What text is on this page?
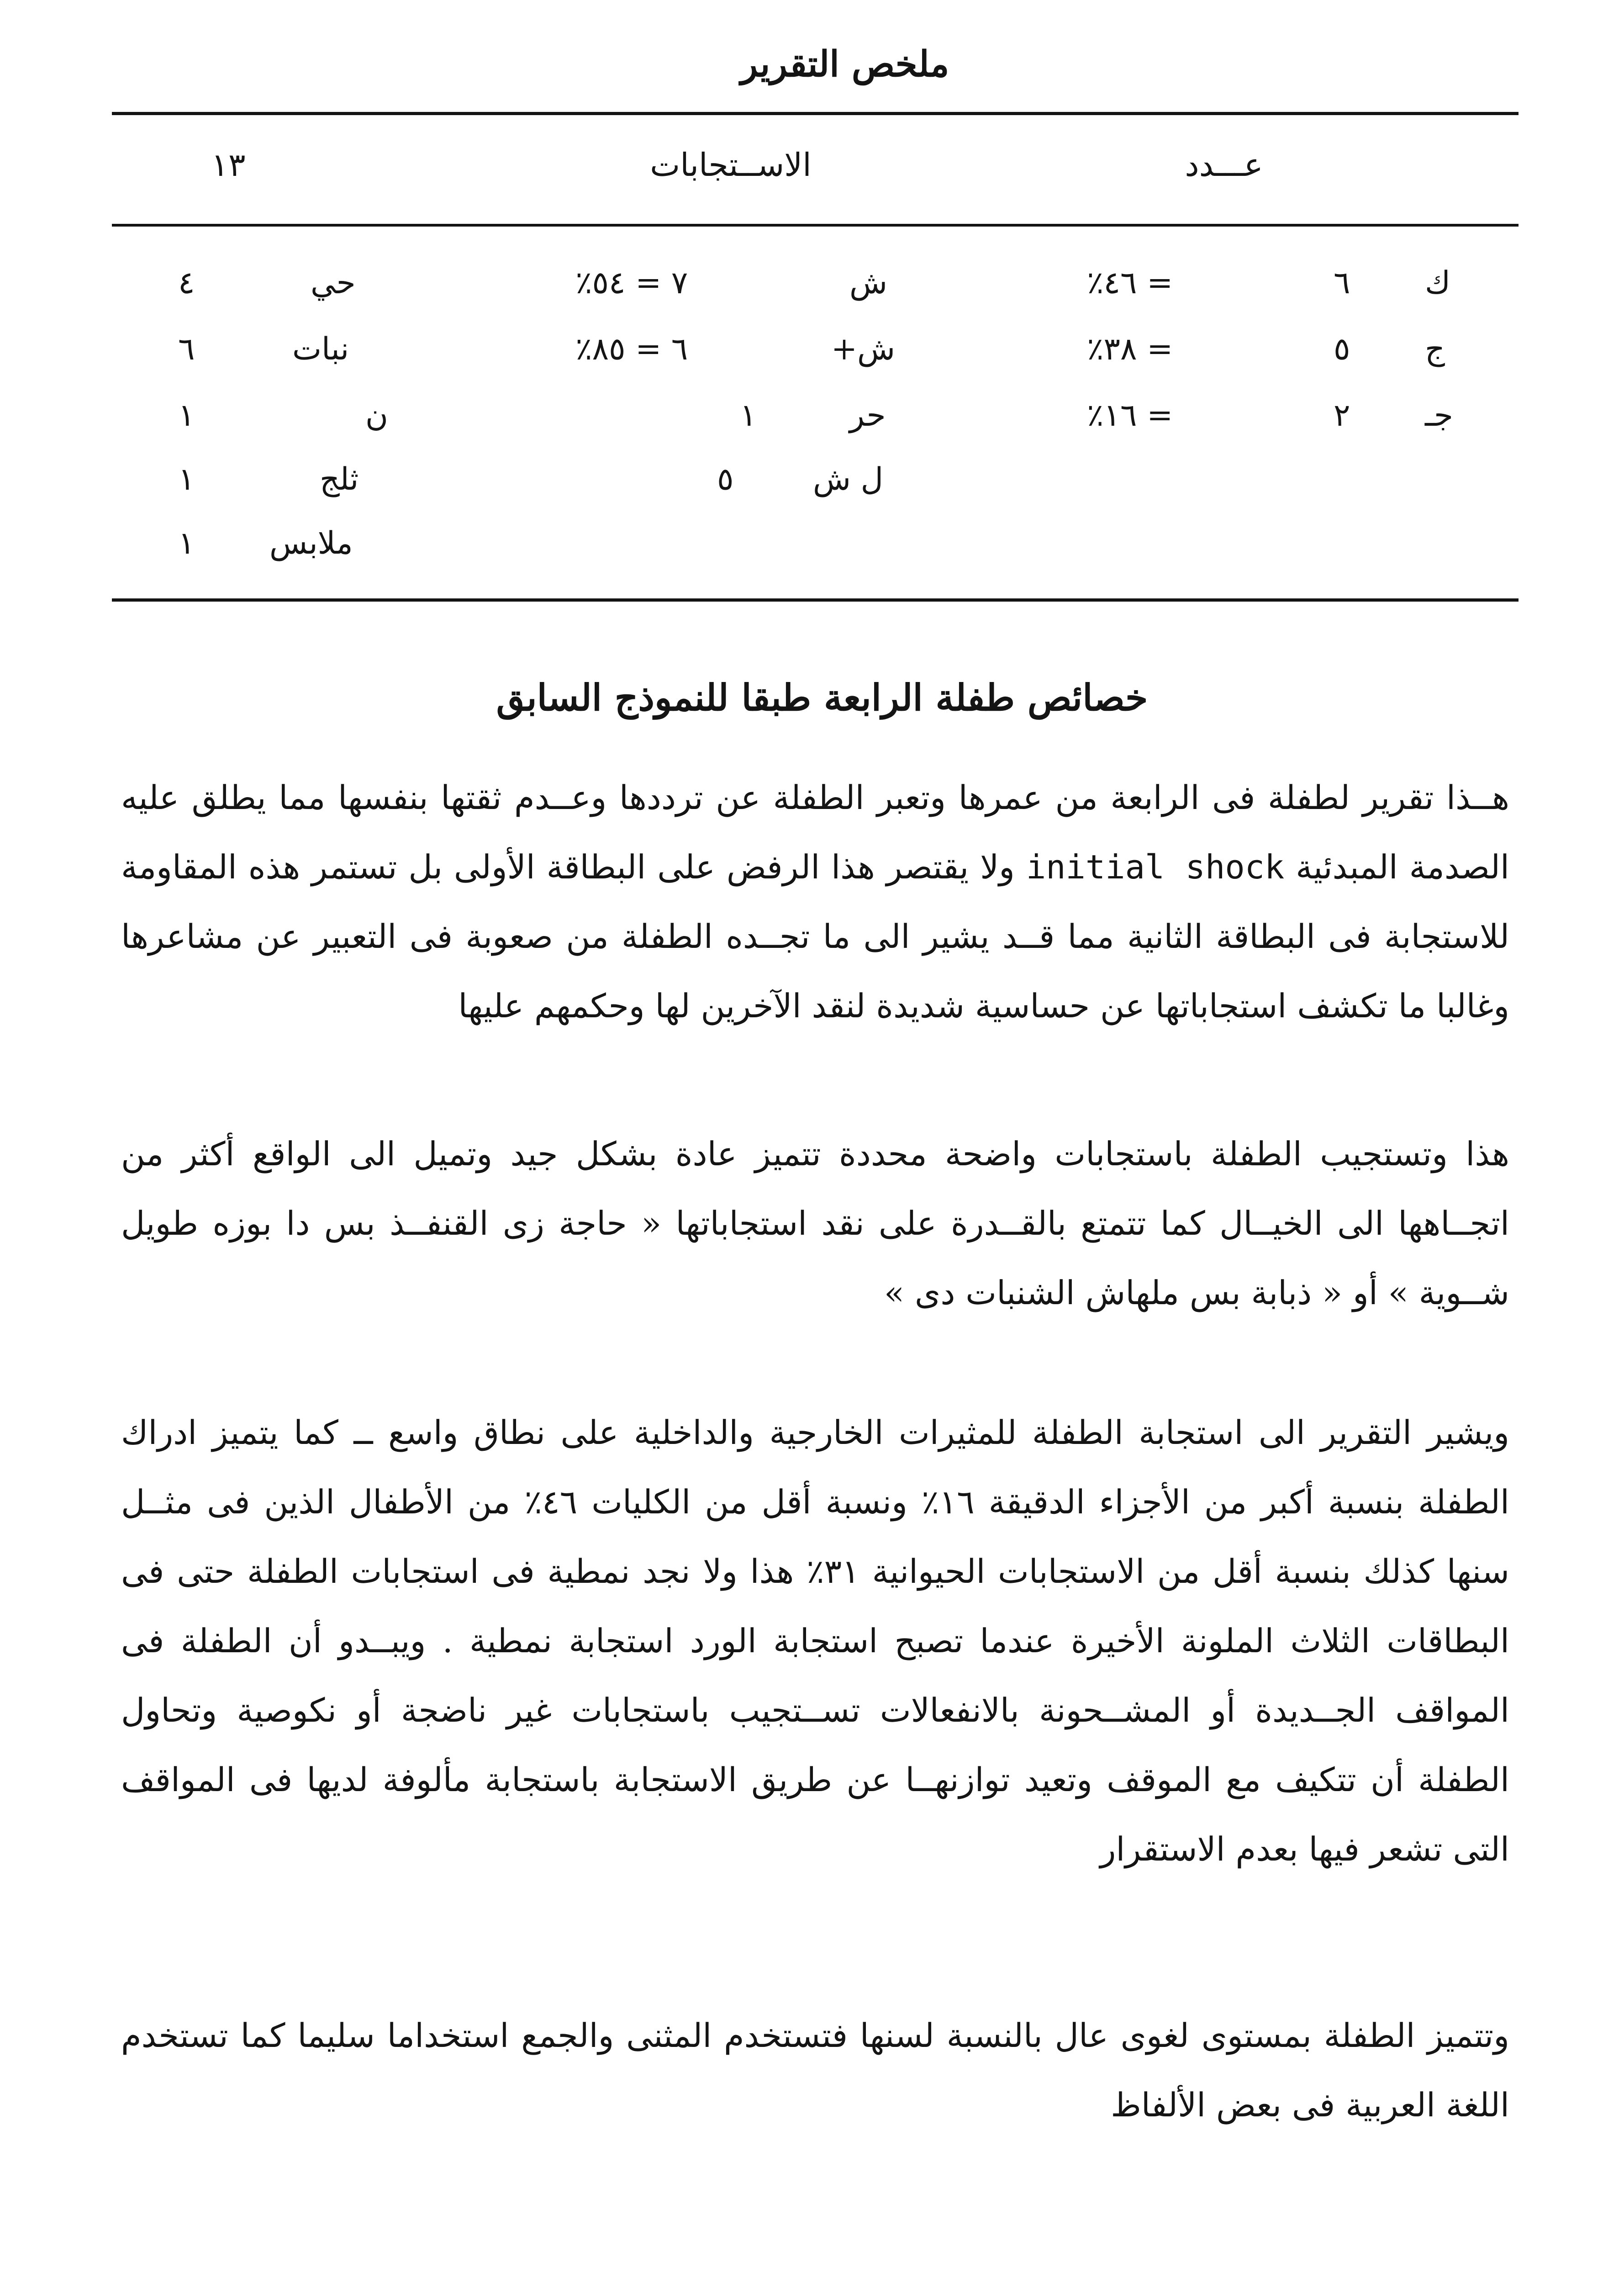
ملخص التقرير
عـــدد
الاســتجابات
١٣
ك
٦
= ٤٦٪
ش
٧ = ٥٤٪
حي
٤
ج
٥
= ٣٨٪
ش+
٦ = ٨٥٪
نبات
٦
جـ
٢
= ١٦٪
حر
١
ن
١
ل ش
٥
ثلج
١
ملابس
١
خصائص طفلة الرابعة طبقا للنموذج السابق
هــذا تقرير لطفلة فى الرابعة من عمرها وتعبر الطفلة عن ترددها وعــدم ثقتها بنفسها مما يطلق عليه الصدمة المبدئية initial shock ولا يقتصر هذا الرفض على البطاقة الأولى بل تستمر هذه المقاومة للاستجابة فى البطاقة الثانية مما قــد يشير الى ما تجــده الطفلة من صعوبة فى التعبير عن مشاعرها وغالبا ما تكشف استجاباتها عن حساسية شديدة لنقد الآخرين لها وحكمهم عليها
هذا وتستجيب الطفلة باستجابات واضحة محددة تتميز عادة بشكل جيد وتميل الى الواقع أكثر من اتجــاهها الى الخيــال كما تتمتع بالقــدرة على نقد استجاباتها « حاجة زى القنفــذ بس دا بوزه طويل شــوية » أو « ذبابة بس ملهاش الشنبات دى »
ويشير التقرير الى استجابة الطفلة للمثيرات الخارجية والداخلية على نطاق واسع ــ كما يتميز ادراك الطفلة بنسبة أكبر من الأجزاء الدقيقة ١٦٪ ونسبة أقل من الكليات ٤٦٪ من الأطفال الذين فى مثــل سنها كذلك بنسبة أقل من الاستجابات الحيوانية ٣١٪ هذا ولا نجد نمطية فى استجابات الطفلة حتى فى البطاقات الثلاث الملونة الأخيرة عندما تصبح استجابة الورد استجابة نمطية . ويبــدو أن الطفلة فى المواقف الجــديدة أو المشــحونة بالانفعالات تســتجيب باستجابات غير ناضجة أو نكوصية وتحاول الطفلة أن تتكيف مع الموقف وتعيد توازنهــا عن طريق الاستجابة باستجابة مألوفة لديها فى المواقف التى تشعر فيها بعدم الاستقرار
وتتميز الطفلة بمستوى لغوى عال بالنسبة لسنها فتستخدم المثنى والجمع استخداما سليما كما تستخدم اللغة العربية فى بعض الألفاظ
